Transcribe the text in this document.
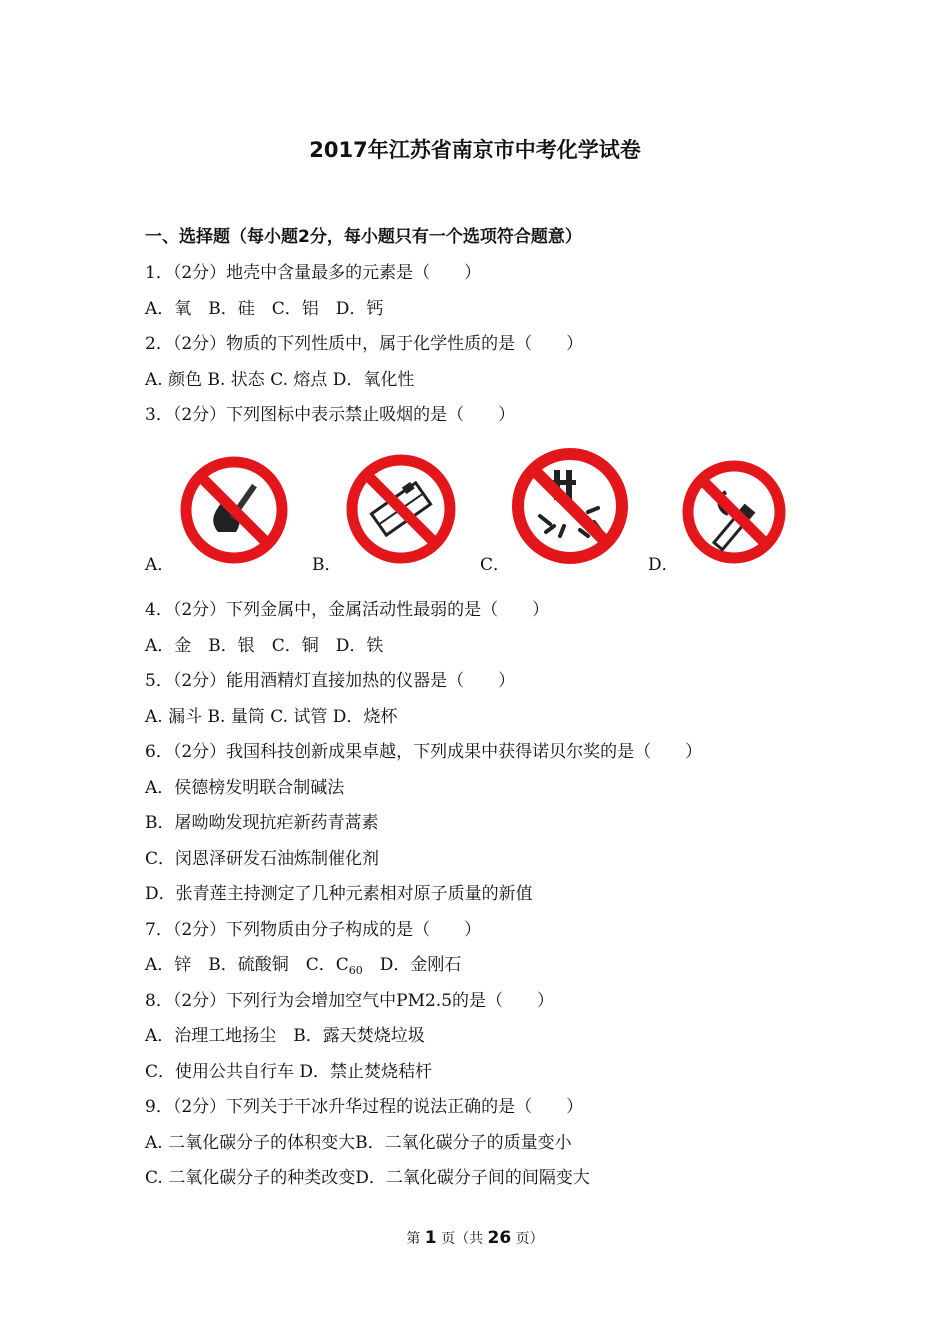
2017年江苏省南京市中考化学试卷
一、选择题（每小题2分，每小题只有一个选项符合题意）
1．（2分）地壳中含量最多的元素是（　　）
A．氧　B．硅　C．铝　D．钙
2．（2分）物质的下列性质中，属于化学性质的是（　　）
A. 颜色 B. 状态 C. 熔点 D．氧化性
3．（2分）下列图标中表示禁止吸烟的是（　　）
A．	B．	C．	D．
4．（2分）下列金属中，金属活动性最弱的是（　　）
A．金　B．银　C．铜　D．铁
5．（2分）能用酒精灯直接加热的仪器是（　　）
A. 漏斗 B. 量筒 C. 试管 D．烧杯
6．（2分）我国科技创新成果卓越，下列成果中获得诺贝尔奖的是（　　）
A．侯德榜发明联合制碱法
B．屠呦呦发现抗疟新药青蒿素
C．闵恩泽研发石油炼制催化剂
D．张青莲主持测定了几种元素相对原子质量的新值
7．（2分）下列物质由分子构成的是（　　）
A．锌　B．硫酸铜　C．$C_{60}$　D．金刚石
8．（2分）下列行为会增加空气中PM2.5的是（　　）
A．治理工地扬尘　B．露天焚烧垃圾
C．使用公共自行车 D．禁止焚烧秸杆
9．（2分）下列关于干冰升华过程的说法正确的是（　　）
A. 二氧化碳分子的体积变大B．二氧化碳分子的质量变小
C. 二氧化碳分子的种类改变D．二氧化碳分子间的间隔变大
第 1 页（共 26 页）
